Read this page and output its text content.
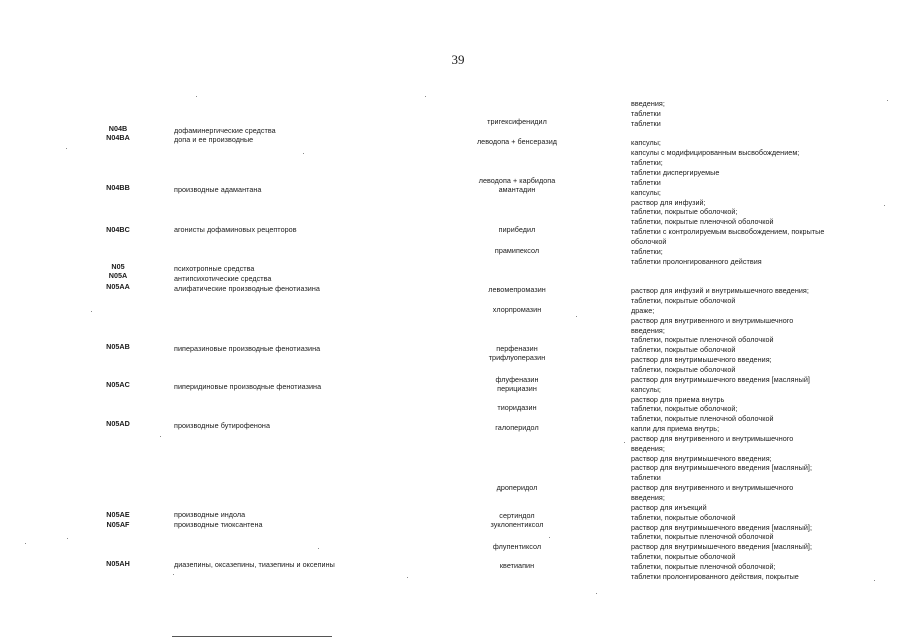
39
N04B
N04BA
N04BB
N04BC
N05
N05A
N05AA
N05AB
N05AC
N05AD
N05AE
N05AF
N05AH
дофаминергические средства
допа и ее производные
производные адамантана
агонисты дофаминовых рецепторов
психотропные средства
антипсихотические средства
алифатические производные фенотиазина
пиперазиновые производные фенотиазина
пиперидиновые производные фенотиазина
производные бутирофенона
производные индола
производные тиоксантена
диазепины, оксазепины, тиазепины и оксепины
тригексифенидил
леводопа + бенсеразид
леводопа + карбидопа
амантадин
пирибедил
прамипексол
левомепромазин
хлорпромазин
перфеназин
трифлуоперазин
флуфеназин
перициазин
тиоридазин
галоперидол
дроперидол
сертиндол
зуклопентиксол
флупентиксол
кветиапин
введения;
таблетки
таблетки
капсулы;
капсулы с модифицированным высвобождением;
таблетки;
таблетки диспергируемые
таблетки
капсулы;
раствор для инфузий;
таблетки, покрытые оболочкой;
таблетки, покрытые пленочной оболочкой
таблетки с контролируемым высвобождением, покрытые
оболочкой
таблетки;
таблетки пролонгированного действия
раствор для инфузий и внутримышечного введения;
таблетки, покрытые оболочкой
драже;
раствор для внутривенного и внутримышечного
введения;
таблетки, покрытые пленочной оболочкой
таблетки, покрытые оболочкой
раствор для внутримышечного введения;
таблетки, покрытые оболочкой
раствор для внутримышечного введения [масляный]
капсулы;
раствор для приема внутрь
таблетки, покрытые оболочкой;
таблетки, покрытые пленочной оболочкой
капли для приема внутрь;
раствор для внутривенного и внутримышечного
введения;
раствор для внутримышечного введения;
раствор для внутримышечного введения [масляный];
таблетки
раствор для внутривенного и внутримышечного
введения;
раствор для инъекций
таблетки, покрытые оболочкой
раствор для внутримышечного введения [масляный];
таблетки, покрытые пленочной оболочкой
раствор для внутримышечного введения [масляный];
таблетки, покрытые оболочкой
таблетки, покрытые пленочной оболочкой;
таблетки пролонгированного действия, покрытые
